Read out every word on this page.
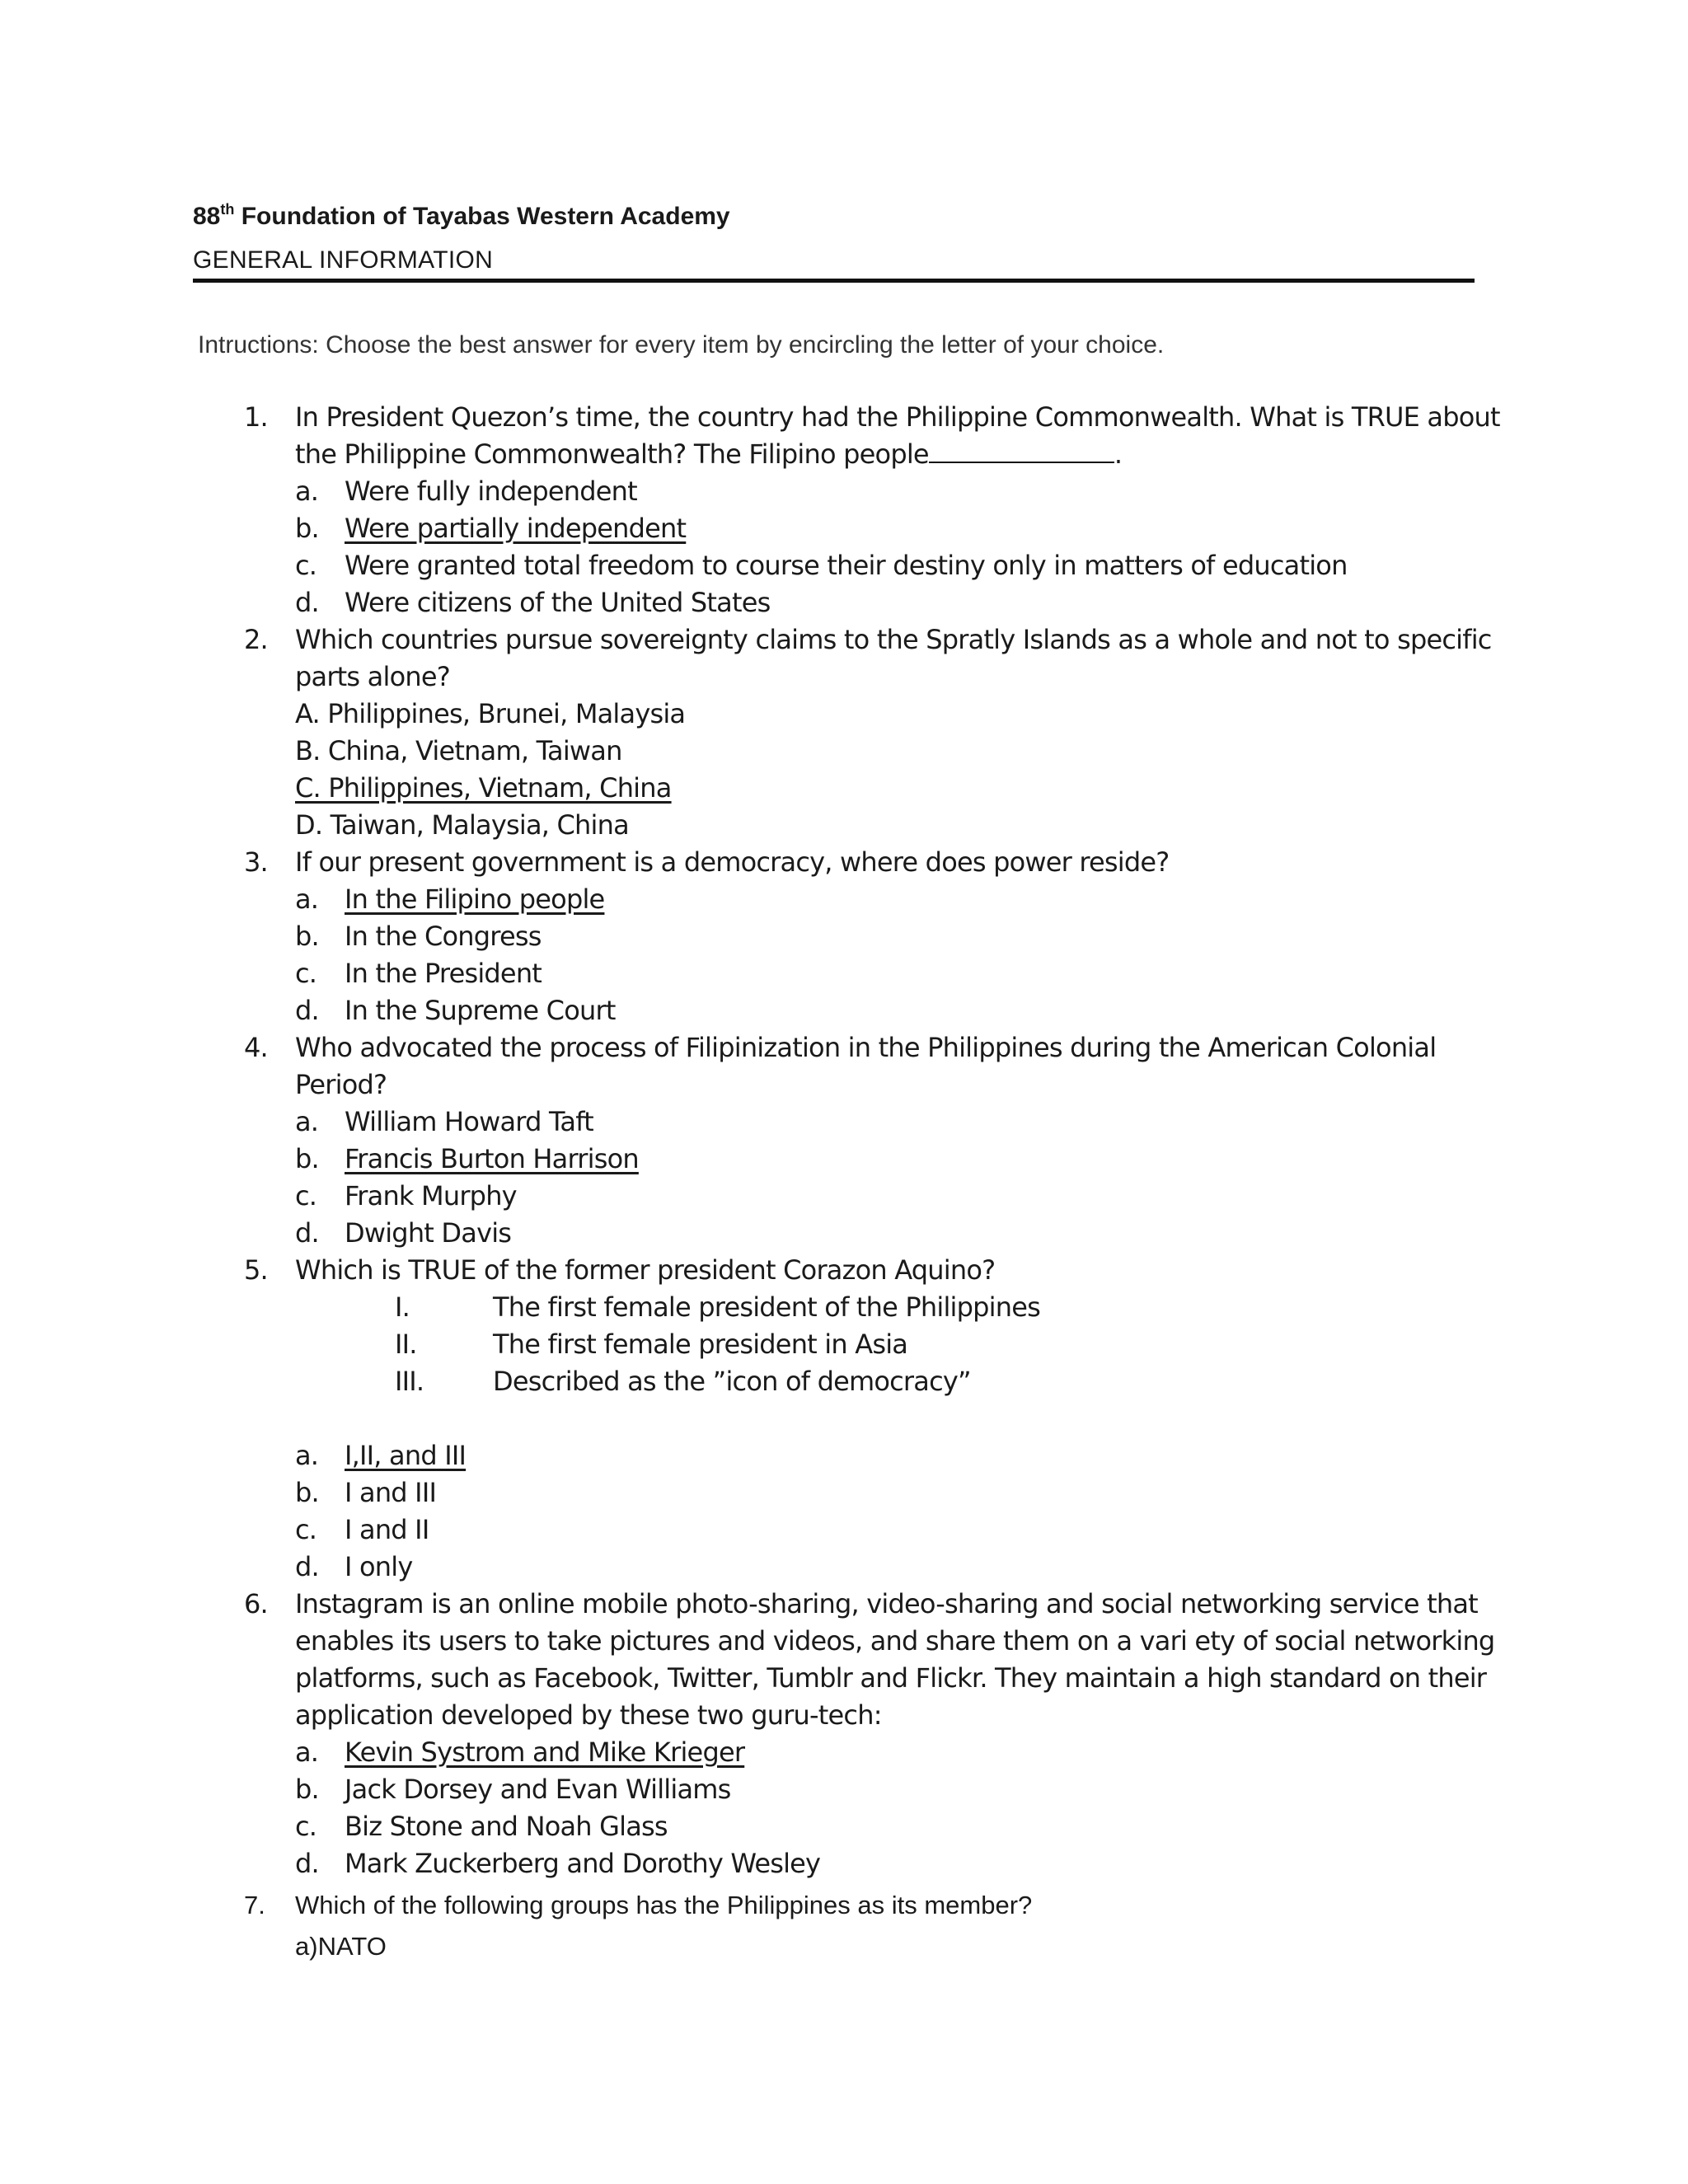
88th Foundation of Tayabas Western Academy
GENERAL INFORMATION
Intructions: Choose the best answer for every item by encircling the letter of your choice.
1. In President Quezon’s time, the country had the Philippine Commonwealth. What is TRUE about
the Philippine Commonwealth? The Filipino people	.
a. Were fully independent
b. Were partially independent
c. Were granted total freedom to course their destiny only in matters of education
d. Were citizens of the United States
2. Which countries pursue sovereignty claims to the Spratly Islands as a whole and not to specific
parts alone?
A. Philippines, Brunei, Malaysia
B. China, Vietnam, Taiwan
C. Philippines, Vietnam, China
D. Taiwan, Malaysia, China
3. If our present government is a democracy, where does power reside?
a. In the Filipino people
b. In the Congress
c. In the President
d. In the Supreme Court
4. Who advocated the process of Filipinization in the Philippines during the American Colonial
Period?
a. William Howard Taft
b. Francis Burton Harrison
c. Frank Murphy
d. Dwight Davis
5. Which is TRUE of the former president Corazon Aquino?
I.	The first female president of the Philippines
II.	The first female president in Asia
III.	Described as the ”icon of democracy”
a. I,II, and III
b. I and III
c. I and II
d. I only
6. Instagram is an online mobile photo-sharing, video-sharing and social networking service that
enables its users to take pictures and videos, and share them on a vari ety of social networking
platforms, such as Facebook, Twitter, Tumblr and Flickr. They maintain a high standard on their
application developed by these two guru-tech:
a. Kevin Systrom and Mike Krieger
b. Jack Dorsey and Evan Williams
c. Biz Stone and Noah Glass
d. Mark Zuckerberg and Dorothy Wesley
7. Which of the following groups has the Philippines as its member?
a)NATO
